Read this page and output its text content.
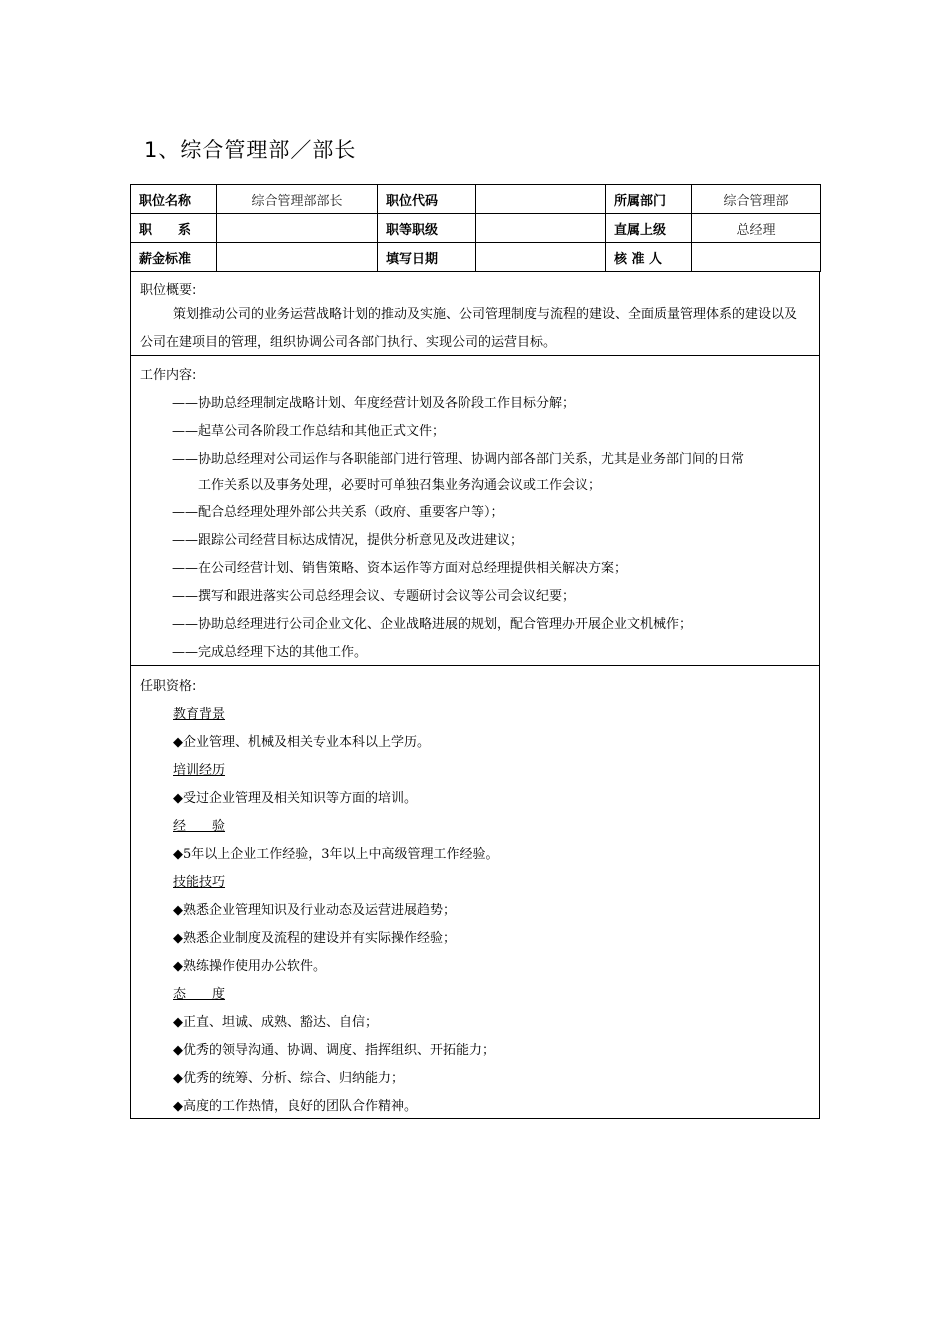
1、综合管理部／部长
职位名称	综合管理部部长	职位代码		所属部门	综合管理部
职　　系		职等职级		直属上级	总经理
薪金标准		填写日期		核 准 人	
职位概要:
策划推动公司的业务运营战略计划的推动及实施、公司管理制度与流程的建设、全面质量管理体系的建设以及公司在建项目的管理，组织协调公司各部门执行、实现公司的运营目标。
工作内容:
——协助总经理制定战略计划、年度经营计划及各阶段工作目标分解；
——起草公司各阶段工作总结和其他正式文件；
——协助总经理对公司运作与各职能部门进行管理、协调内部各部门关系，尤其是业务部门间的日常
工作关系以及事务处理，必要时可单独召集业务沟通会议或工作会议；
——配合总经理处理外部公共关系（政府、重要客户等）；
——跟踪公司经营目标达成情况，提供分析意见及改进建议；
——在公司经营计划、销售策略、资本运作等方面对总经理提供相关解决方案；
——撰写和跟进落实公司总经理会议、专题研讨会议等公司会议纪要；
——协助总经理进行公司企业文化、企业战略进展的规划，配合管理办开展企业文机械作；
——完成总经理下达的其他工作。
任职资格:
教育背景
◆企业管理、机械及相关专业本科以上学历。
培训经历
◆受过企业管理及相关知识等方面的培训。
经　　验
◆5年以上企业工作经验，3年以上中高级管理工作经验。
技能技巧
◆熟悉企业管理知识及行业动态及运营进展趋势；
◆熟悉企业制度及流程的建设并有实际操作经验；
◆熟练操作使用办公软件。
态　　度
◆正直、坦诚、成熟、豁达、自信；
◆优秀的领导沟通、协调、调度、指挥组织、开拓能力；
◆优秀的统筹、分析、综合、归纳能力；
◆高度的工作热情，良好的团队合作精神。
